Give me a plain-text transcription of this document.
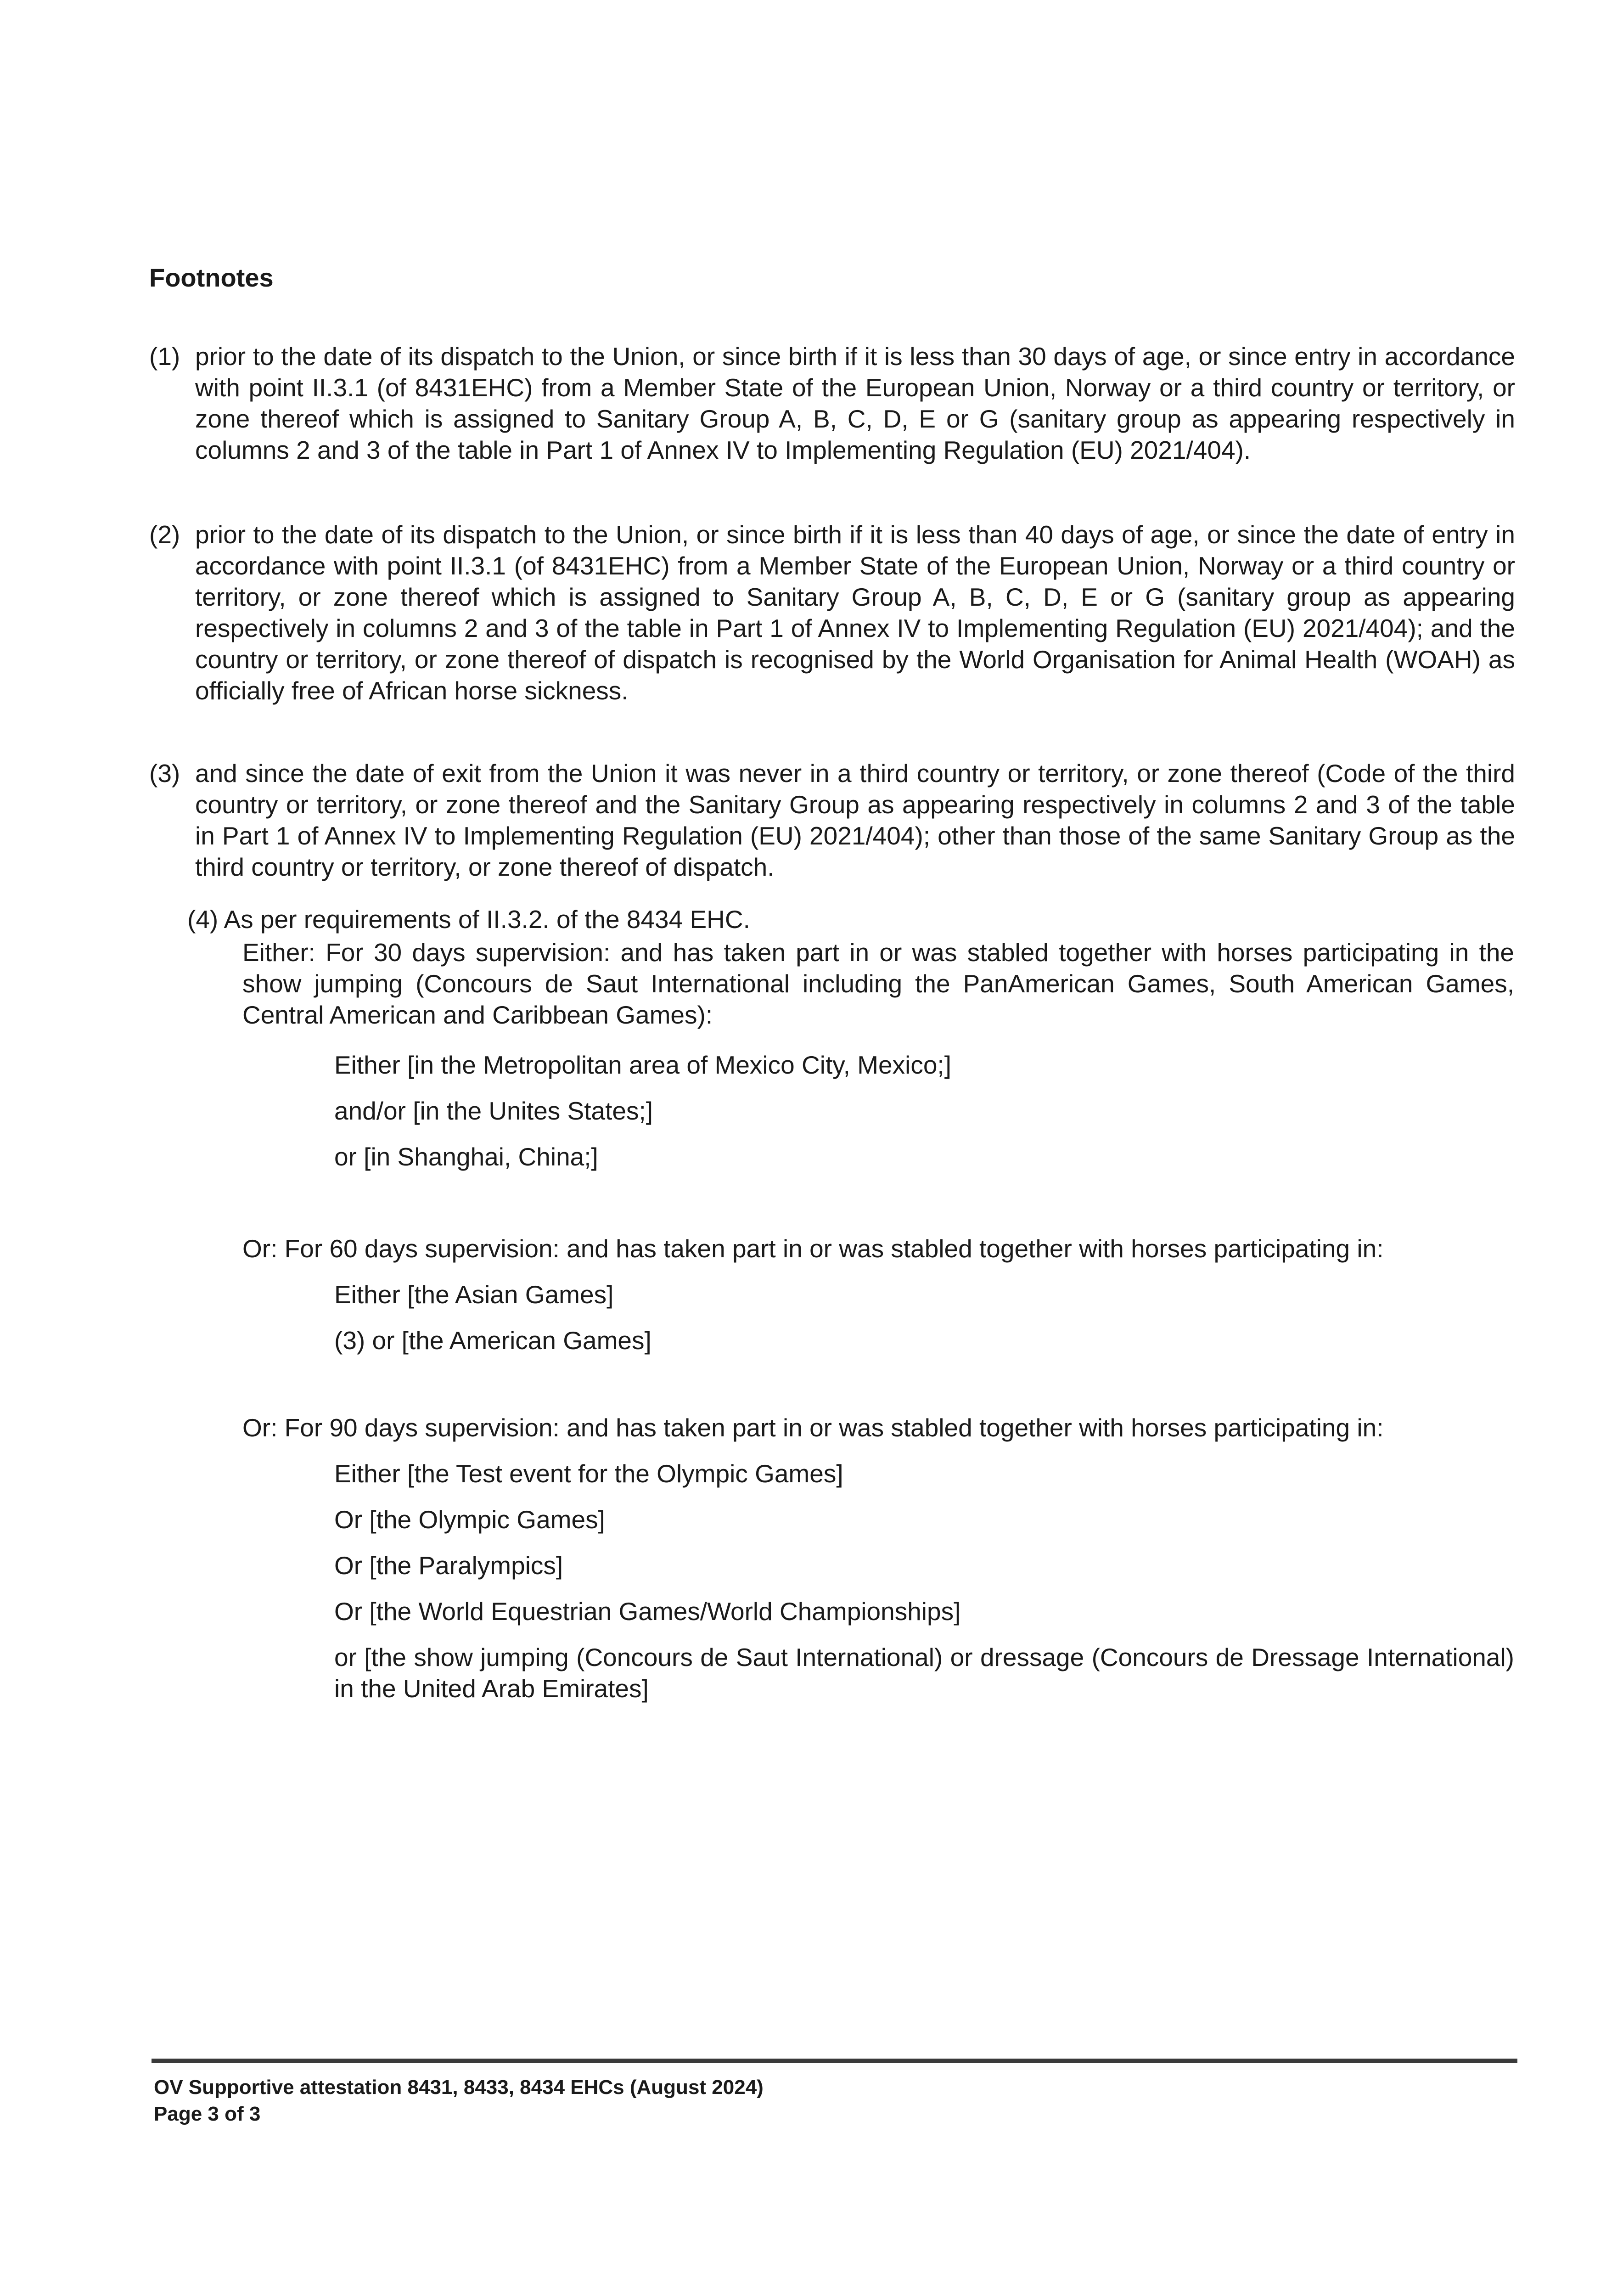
Footnotes
(1) prior to the date of its dispatch to the Union, or since birth if it is less than 30 days of age, or since entry in accordance with point II.3.1 (of 8431EHC) from a Member State of the European Union, Norway or a third country or territory, or zone thereof which is assigned to Sanitary Group A, B, C, D, E or G (sanitary group as appearing respectively in columns 2 and 3 of the table in Part 1 of Annex IV to Implementing Regulation (EU) 2021/404).
(2) prior to the date of its dispatch to the Union, or since birth if it is less than 40 days of age, or since the date of entry in accordance with point II.3.1 (of 8431EHC) from a Member State of the European Union, Norway or a third country or territory, or zone thereof which is assigned to Sanitary Group A, B, C, D, E or G (sanitary group as appearing respectively in columns 2 and 3 of the table in Part 1 of Annex IV to Implementing Regulation (EU) 2021/404); and the country or territory, or zone thereof of dispatch is recognised by the World Organisation for Animal Health (WOAH) as officially free of African horse sickness.
(3) and since the date of exit from the Union it was never in a third country or territory, or zone thereof (Code of the third country or territory, or zone thereof and the Sanitary Group as appearing respectively in columns 2 and 3 of the table in Part 1 of Annex IV to Implementing Regulation (EU) 2021/404); other than those of the same Sanitary Group as the third country or territory, or zone thereof of dispatch.

(4) As per requirements of II.3.2. of the 8434 EHC.

Either: For 30 days supervision: and has taken part in or was stabled together with horses participating in the show jumping (Concours de Saut International including the PanAmerican Games, South American Games, Central American and Caribbean Games):

Either [in the Metropolitan area of Mexico City, Mexico;]

and/or [in the Unites States;]

or [in Shanghai, China;]

Or: For 60 days supervision: and has taken part in or was stabled together with horses participating in:

Either [the Asian Games]

(3) or [the American Games]

Or: For 90 days supervision: and has taken part in or was stabled together with horses participating in:

Either [the Test event for the Olympic Games]

Or [the Olympic Games]

Or [the Paralympics]

Or [the World Equestrian Games/World Championships]

or [the show jumping (Concours de Saut International) or dressage (Concours de Dressage International) in the United Arab Emirates]

OV Supportive attestation 8431, 8433, 8434 EHCs (August 2024)

Page 3 of 3
